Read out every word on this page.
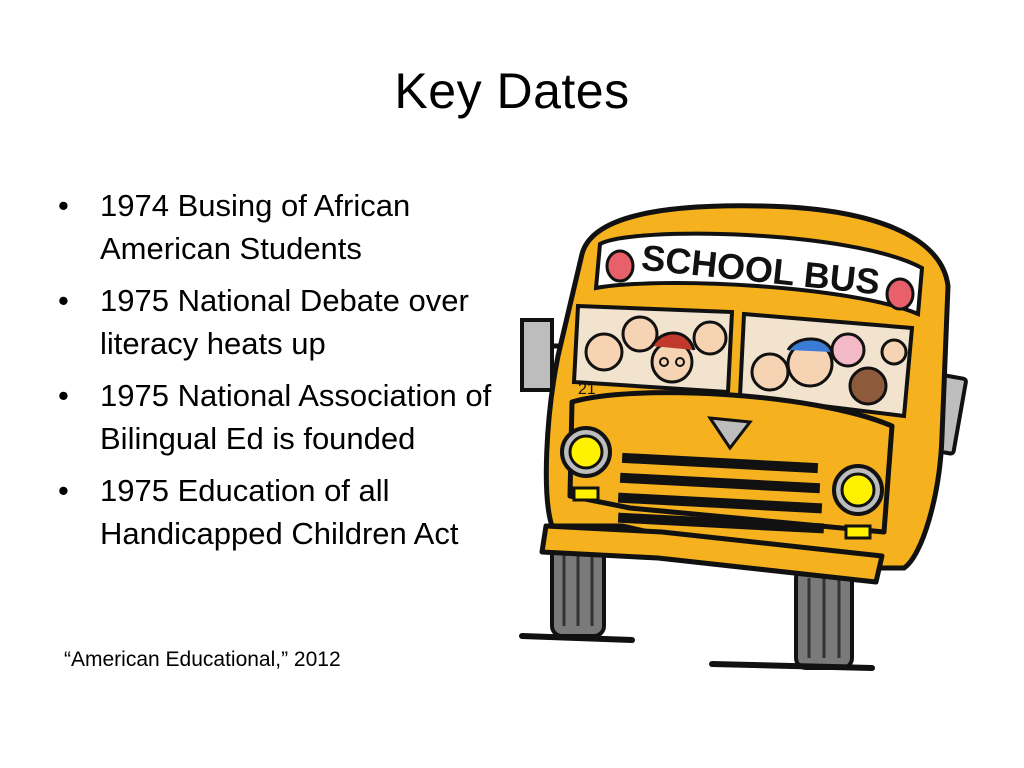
Key Dates
• 1974 Busing of African American Students
• 1975 National Debate over literacy heats up
• 1975 National Association of Bilingual Ed is founded
• 1975 Education of all Handicapped Children Act
“American Educational,” 2012
SCHOOL BUS
21
